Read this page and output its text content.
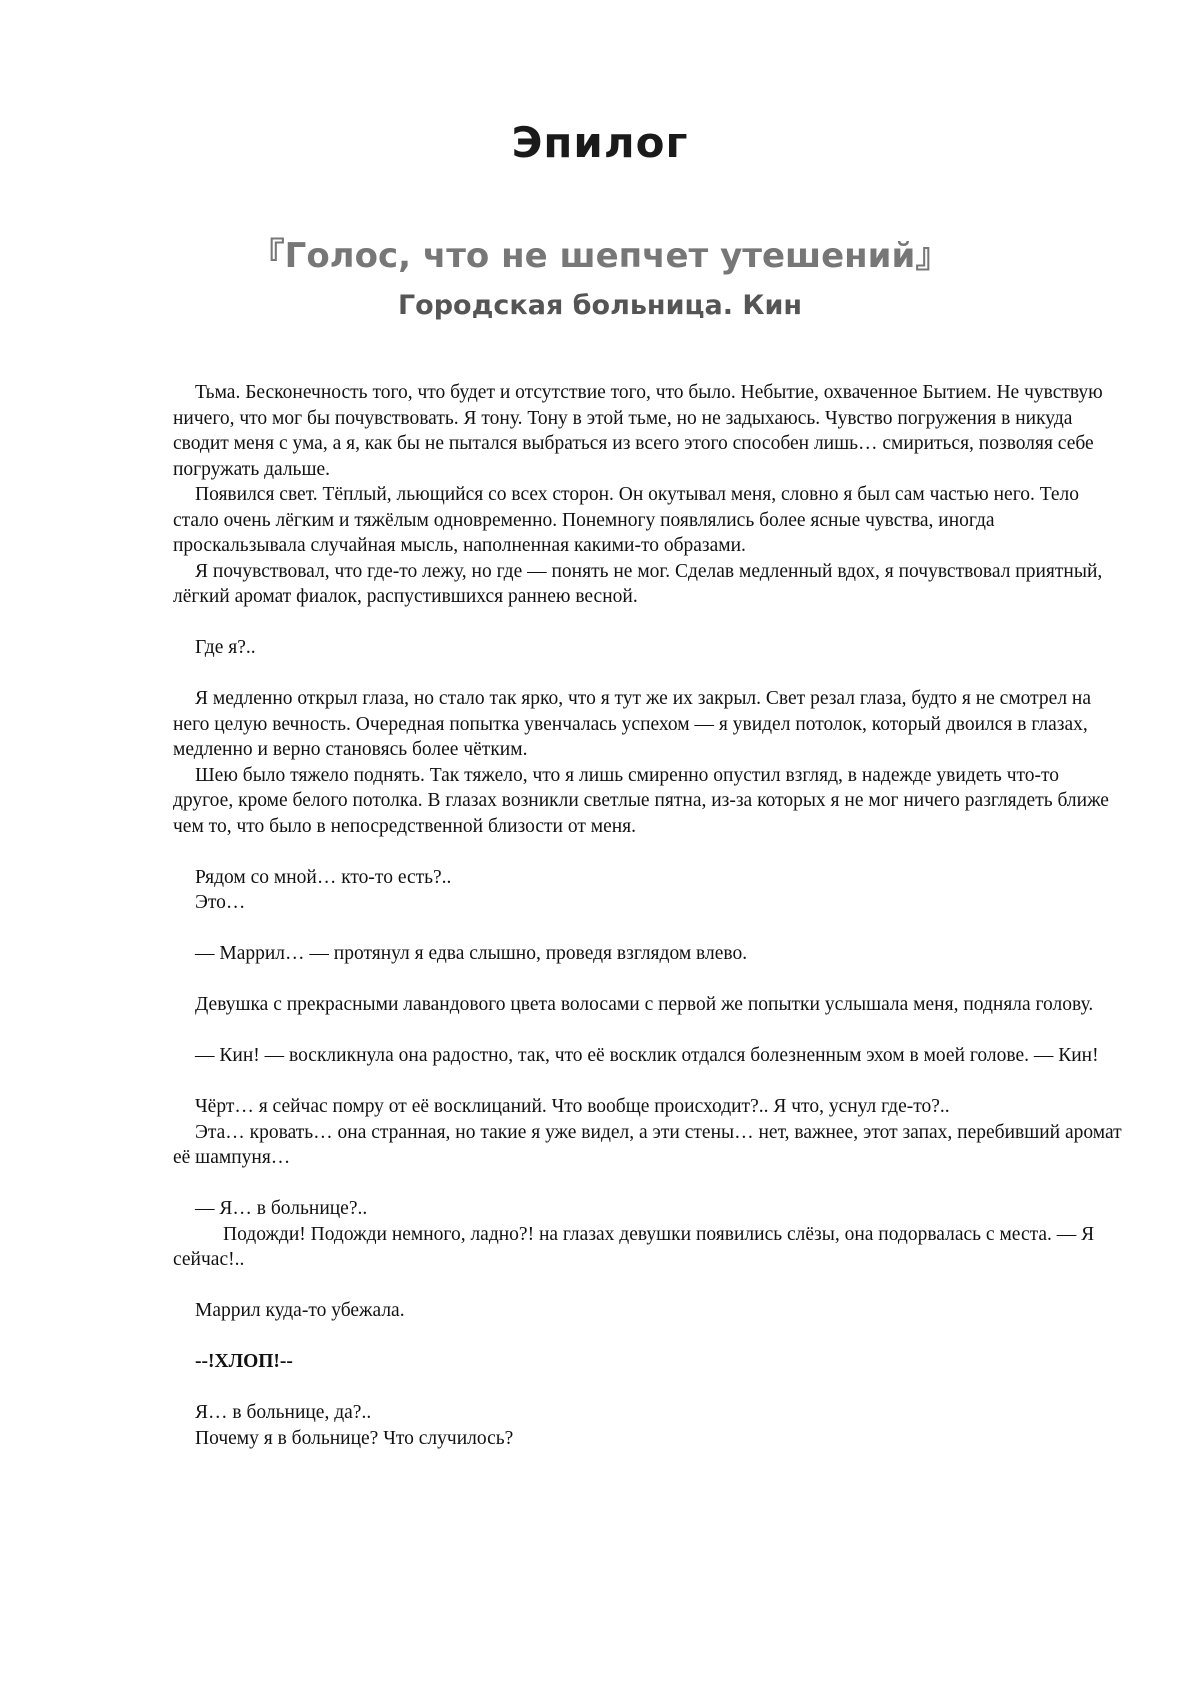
Эпилог
『Голос, что не шепчет утешений』
Городская больница. Кин

Тьма. Бесконечность того, что будет и отсутствие того, что было. Небытие, охваченное Бытием. Не чувствую ничего, что мог бы почувствовать. Я тону. Тону в этой тьме, но не задыхаюсь. Чувство погружения в никуда сводит меня с ума, а я, как бы не пытался выбраться из всего этого способен лишь… смириться, позволяя себе погружать дальше.

Появился свет. Тёплый, льющийся со всех сторон. Он окутывал меня, словно я был сам частью него. Тело стало очень лёгким и тяжёлым одновременно. Понемногу появлялись более ясные чувства, иногда проскальзывала случайная мысль, наполненная какими-то образами.

Я почувствовал, что где-то лежу, но где — понять не мог. Сделав медленный вдох, я почувствовал приятный, лёгкий аромат фиалок, распустившихся раннею весной.

Где я?..

Я медленно открыл глаза, но стало так ярко, что я тут же их закрыл. Свет резал глаза, будто я не смотрел на него целую вечность. Очередная попытка увенчалась успехом — я увидел потолок, который двоился в глазах, медленно и верно становясь более чётким.

Шею было тяжело поднять. Так тяжело, что я лишь смиренно опустил взгляд, в надежде увидеть что-то другое, кроме белого потолка. В глазах возникли светлые пятна, из-за которых я не мог ничего разглядеть ближе чем то, что было в непосредственной близости от меня.

Рядом со мной… кто-то есть?..

Это…

— Маррил… — протянул я едва слышно, проведя взглядом влево.

Девушка с прекрасными лавандового цвета волосами с первой же попытки услышала меня, подняла голову.

— Кин! — воскликнула она радостно, так, что её восклик отдался болезненным эхом в моей голове. — Кин!

Чёрт… я сейчас помру от её восклицаний. Что вообще происходит?.. Я что, уснул где-то?..

Эта… кровать… она странная, но такие я уже видел, а эти стены… нет, важнее, этот запах, перебивший аромат её шампуня…

— Я… в больнице?..

Подожди! Подожди немного, ладно?! на глазах девушки появились слёзы, она подорвалась с места. — Я сейчас!..

Маррил куда-то убежала.

--!ХЛОП!--

Я… в больнице, да?..

Почему я в больнице? Что случилось?
